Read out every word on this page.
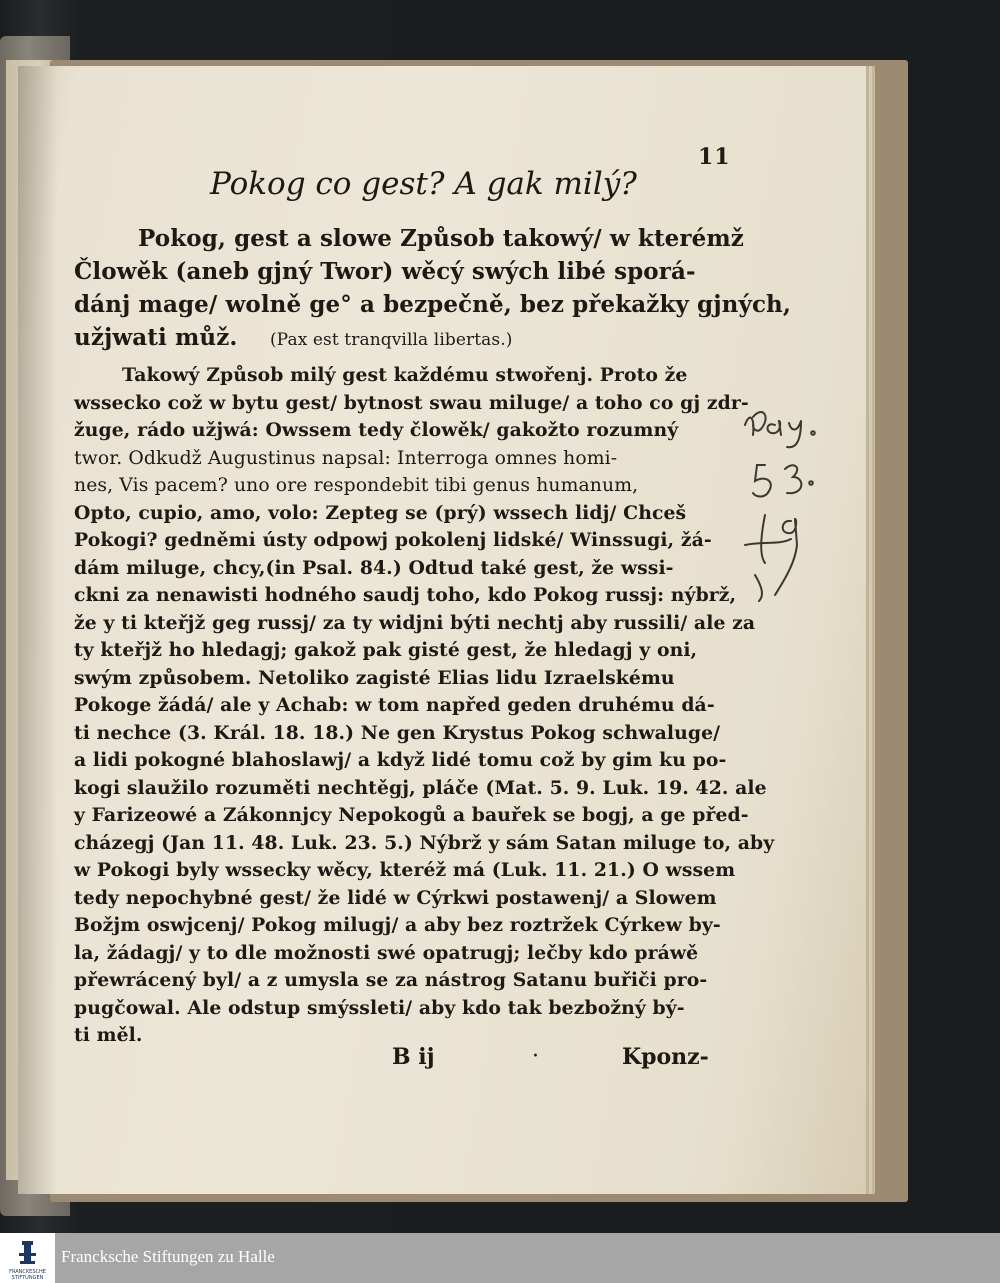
11
Pokog co gest? A gak milý?
Pokog, gest a slowe Způsob takowý/ w kterémž
Člowěk (aneb gjný Twor) wěcý swých libé sporá-
dánj mage/ wolně ge° a bezpečně, bez překažky gjných,
užjwati můž. (Pax est tranqvilla libertas.)
Takowý Způsob milý gest každému stwořenj. Proto že
wssecko což w bytu gest/ bytnost swau miluge/ a toho co gj zdr-
žuge, rádo užjwá: Owssem tedy člowěk/ gakožto rozumný
twor. Odkudž Augustinus napsal: Interroga omnes homi-
nes, Vis pacem? uno ore respondebit tibi genus humanum,
Opto, cupio, amo, volo: Zepteg se (prý) wssech lidj/ Chceš
Pokogi? gedněmi̇ ústy odpowj pokolenj lidské/ Winssugi, žá-
dám miluge, chcy,(in Psal. 84.) Odtud také gest, že wssi-
ckni za nenawisti hodného saudj toho, kdo Pokog russj: nýbrž,
že y ti kteřjž geg russj/ za ty widjni býti nechtj aby russili/ ale za
ty kteřjž ho hledagj; gakož pak gisté gest, že hledagj y oni,
swým způsobem. Netoliko zagisté Elias lidu Izraelskému
Pokoge žádá/ ale y Achab: w tom napřed geden druhému dá-
ti nechce (3. Král. 18. 18.) Ne gen Krystus Pokog schwaluge/
a lidi pokogné blahoslawj/ a když lidé tomu což by gim ku po-
kogi slaužilo rozuměti nechtěgj, pláče (Mat. 5. 9. Luk. 19. 42. ale
y Farizeowé a Zákonnjcy Nepokogů a bauřek se bogj, a ge před-
cházegj (Jan 11. 48. Luk. 23. 5.) Nýbrž y sám Satan miluge to, aby
w Pokogi byly wssecky wěcy, kteréž má (Luk. 11. 21.) O wssem
tedy nepochybné gest/ že lidé w Cýrkwi postawenj/ a Slowem
Božjm oswjcenj/ Pokog milugj/ a aby bez roztržek Cýrkew by-
la, žádagj/ y to dle možnosti swé opatrugj; lečby kdo práwě
přewrácený byl/ a z umysla se za nástrog Satanu buřiči pro-
pugčowal. Ale odstup smýssleti/ aby kdo tak bezbožný bý-
ti měl.
B ij	·	Kponz-
FRANCKESCHE STIFTUNGEN
Francksche Stiftungen zu Halle
